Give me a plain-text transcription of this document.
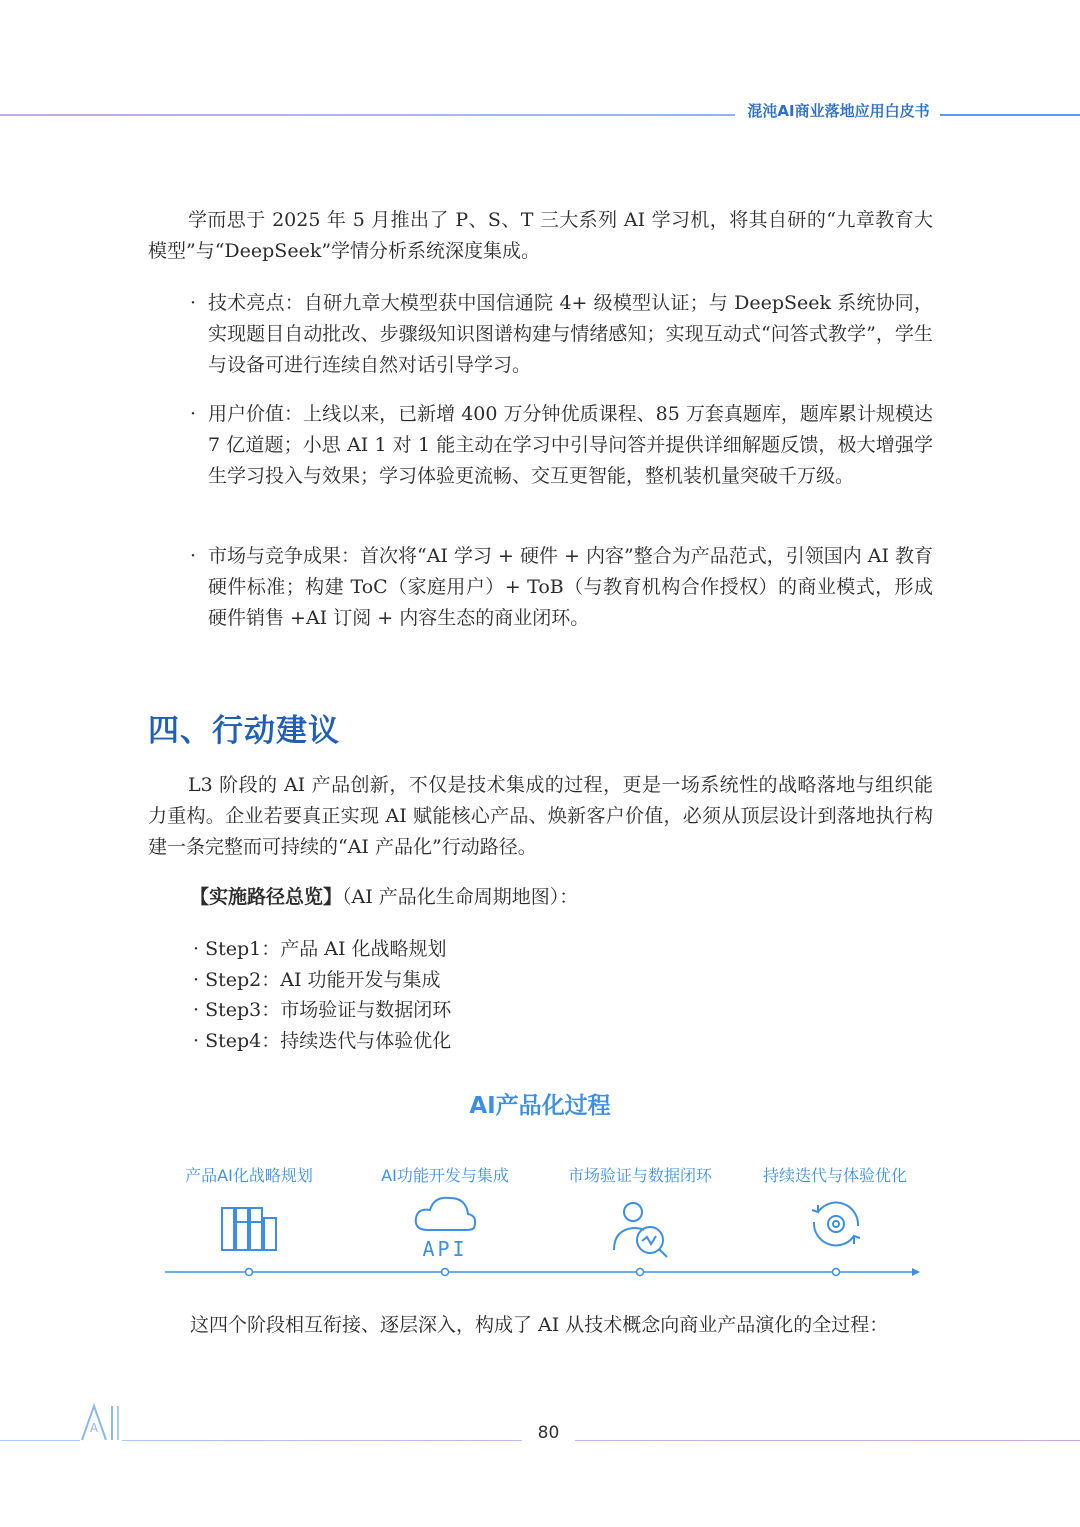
混沌AI商业落地应用白皮书
学而思于 2025 年 5 月推出了 P、S、T 三大系列 AI 学习机，将其自研的“九章教育大模型”与“DeepSeek”学情分析系统深度集成。
· 技术亮点：自研九章大模型获中国信通院 4+ 级模型认证；与 DeepSeek 系统协同，实现题目自动批改、步骤级知识图谱构建与情绪感知；实现互动式“问答式教学”，学生与设备可进行连续自然对话引导学习。
· 用户价值：上线以来，已新增 400 万分钟优质课程、85 万套真题库，题库累计规模达 7 亿道题；小思 AI 1 对 1 能主动在学习中引导问答并提供详细解题反馈，极大增强学生学习投入与效果；学习体验更流畅、交互更智能，整机装机量突破千万级。
· 市场与竞争成果：首次将“AI 学习 + 硬件 + 内容”整合为产品范式，引领国内 AI 教育硬件标准；构建 ToC（家庭用户）+ ToB（与教育机构合作授权）的商业模式，形成硬件销售 +AI 订阅 + 内容生态的商业闭环。
四、行动建议
L3 阶段的 AI 产品创新，不仅是技术集成的过程，更是一场系统性的战略落地与组织能力重构。企业若要真正实现 AI 赋能核心产品、焕新客户价值，必须从顶层设计到落地执行构建一条完整而可持续的“AI 产品化”行动路径。
【实施路径总览】（AI 产品化生命周期地图）：
· Step1：产品 AI 化战略规划
· Step2：AI 功能开发与集成
· Step3：市场验证与数据闭环
· Step4：持续迭代与体验优化
AI产品化过程
产品AI化战略规划	AI功能开发与集成	市场验证与数据闭环	持续迭代与体验优化
API
这四个阶段相互衔接、逐层深入，构成了 AI 从技术概念向商业产品演化的全过程：
A	80
